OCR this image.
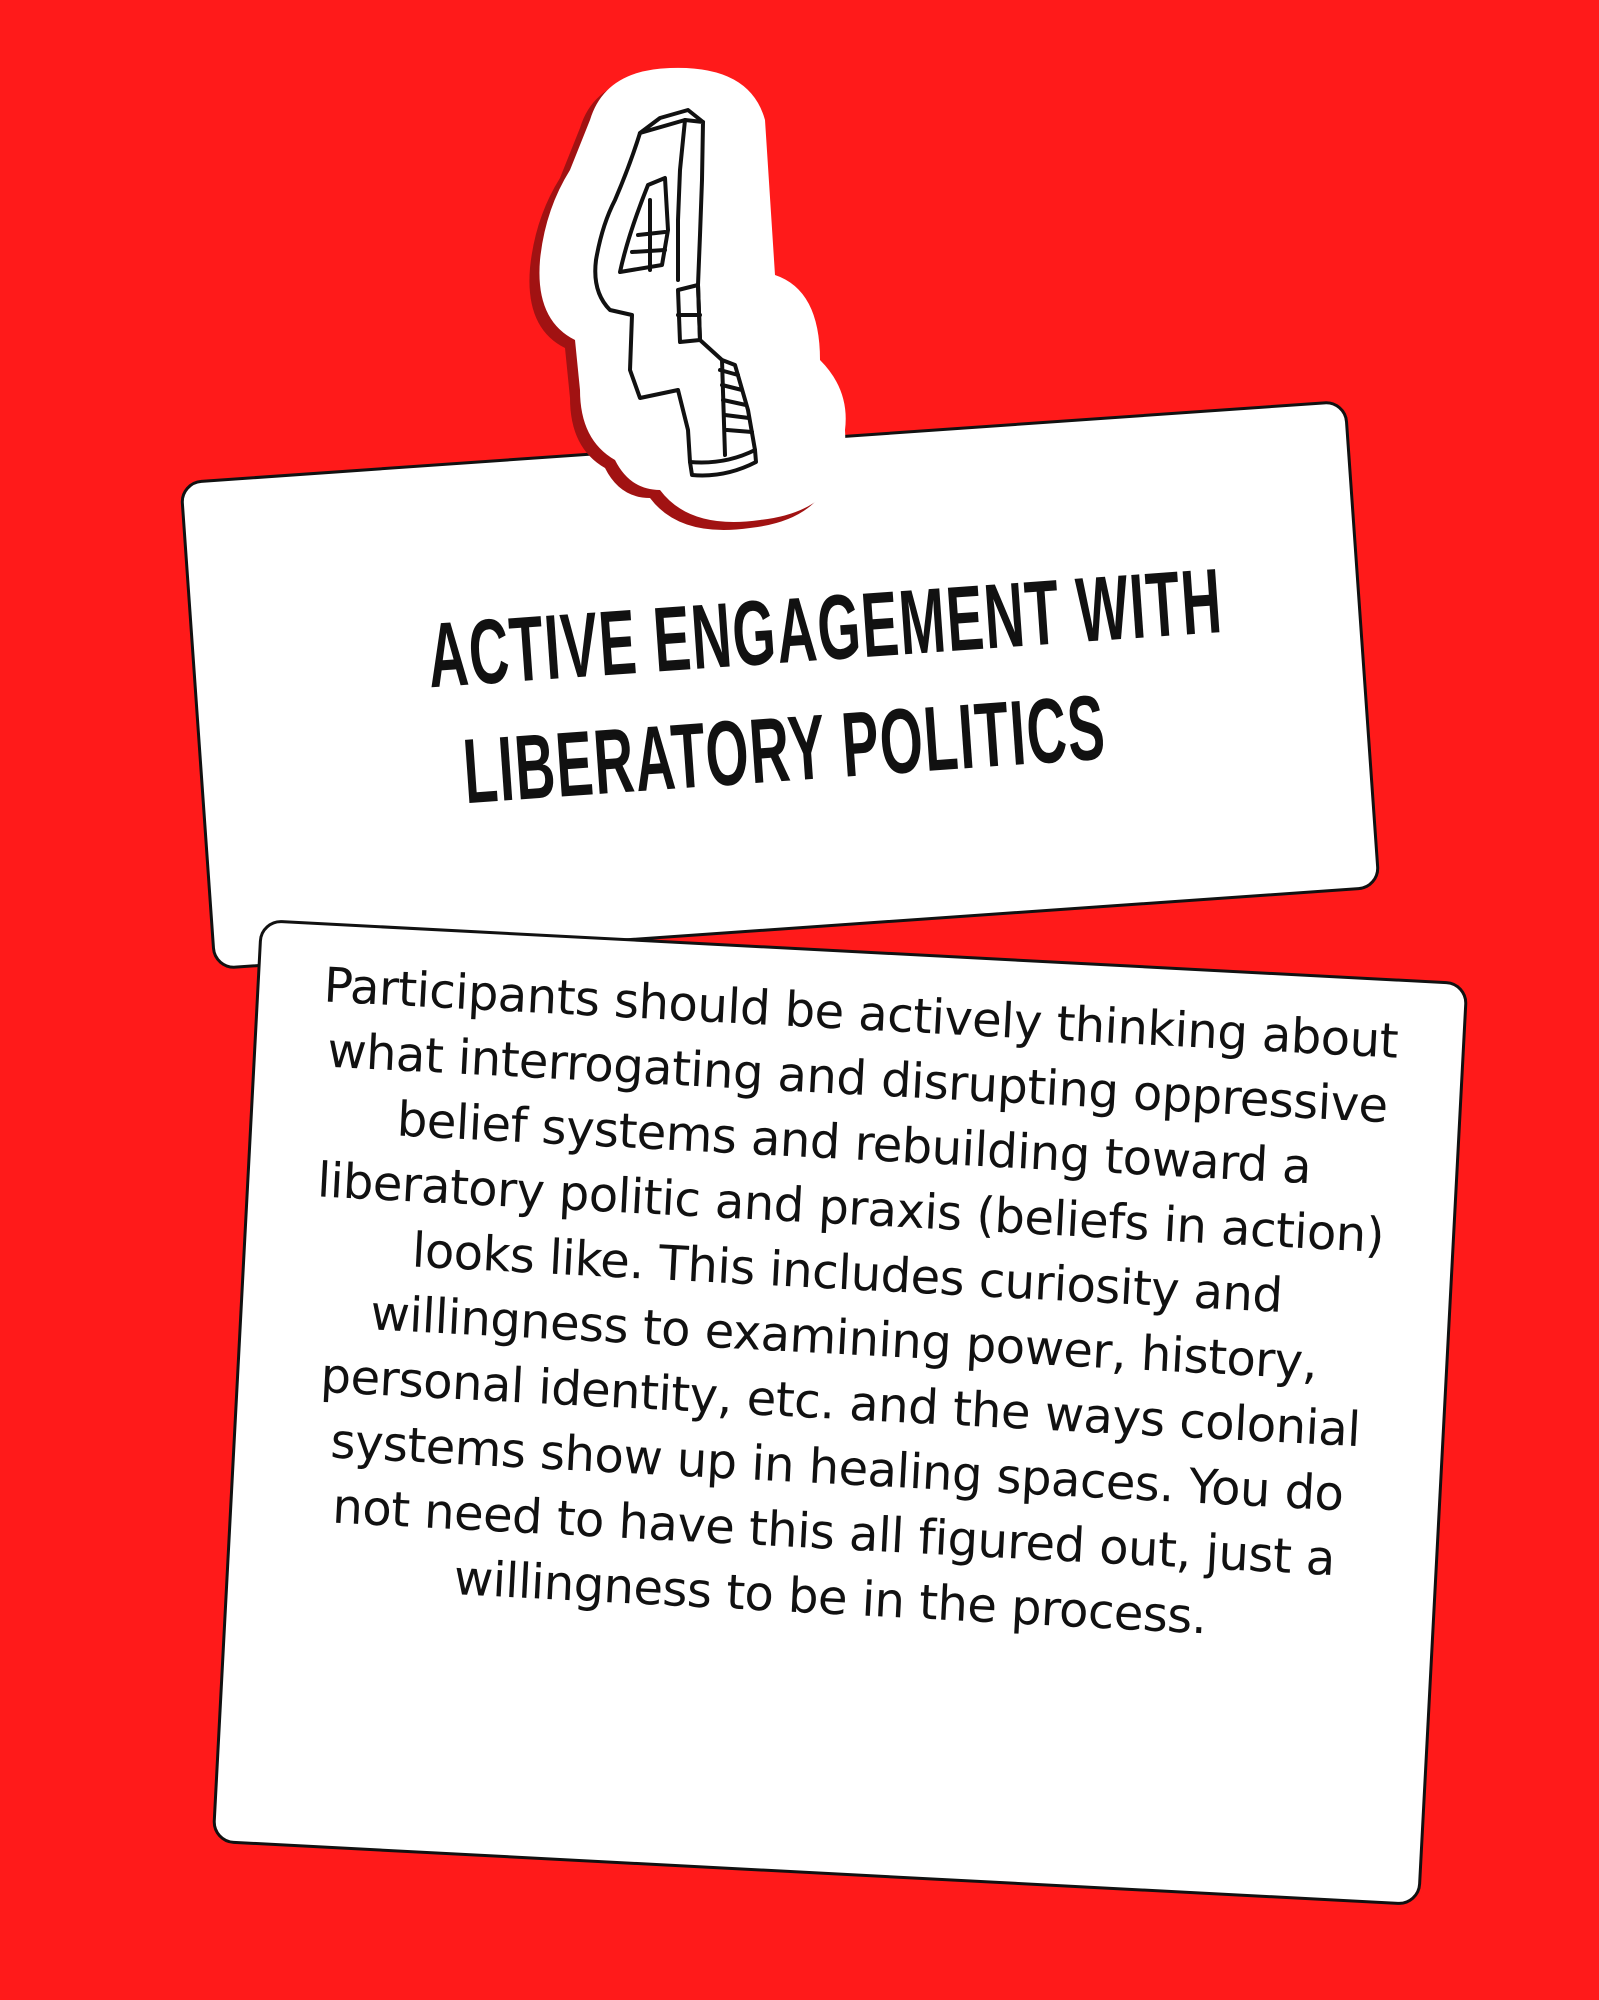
ACTIVE ENGAGEMENT WITH
LIBERATORY POLITICS
Participants should be actively thinking about what interrogating and disrupting oppressive belief systems and rebuilding toward a liberatory politic and praxis (beliefs in action) looks like. This includes curiosity and willingness to examining power, history, personal identity, etc. and the ways colonial systems show up in healing spaces. You do not need to have this all figured out, just a willingness to be in the process.
